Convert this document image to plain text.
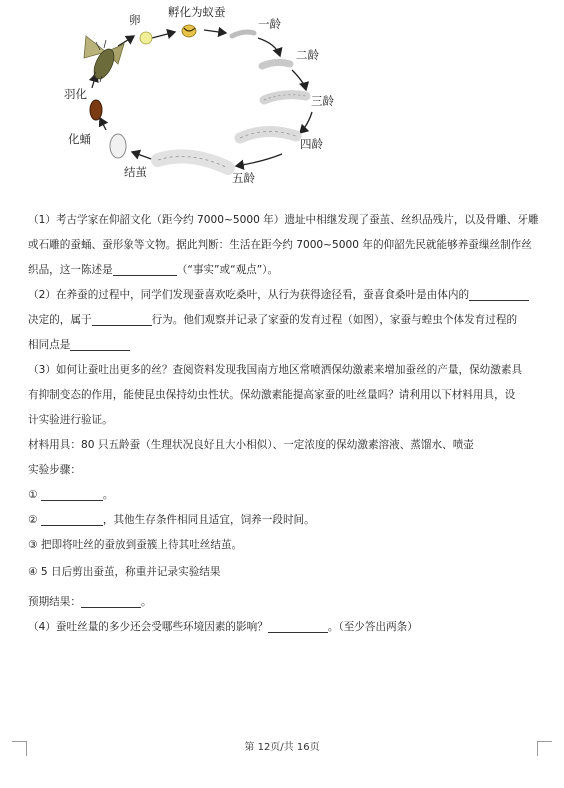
卵
孵化为蚁蚕
一龄
二龄
三龄
四龄
五龄
结茧
化蛹
羽化
（1）考古学家在仰韶文化（距今约 7000~5000 年）遗址中相继发现了蚕茧、丝织品残片，以及骨雕、牙雕
或石雕的蚕蛹、蚕形象等文物。据此判断：生活在距今约 7000~5000 年的仰韶先民就能够养蚕缫丝制作丝
织品，这一陈述是	（“事实”或“观点”）。
（2）在养蚕的过程中，同学们发现蚕喜欢吃桑叶，从行为获得途径看，蚕喜食桑叶是由体内的
决定的，属于	行为。他们观察并记录了家蚕的发育过程（如图），家蚕与蝗虫个体发育过程的
相同点是
（3）如何让蚕吐出更多的丝？查阅资料发现我国南方地区常喷洒保幼激素来增加蚕丝的产量，保幼激素具
有抑制变态的作用，能使昆虫保持幼虫性状。保幼激素能提高家蚕的吐丝量吗？请利用以下材料用具，设
计实验进行验证。
材料用具：80 只五龄蚕（生理状况良好且大小相似）、一定浓度的保幼激素溶液、蒸馏水、喷壶
实验步骤：
①	。
②	，其他生存条件相同且适宜，饲养一段时间。
③ 把即将吐丝的蚕放到蚕簇上待其吐丝结茧。
④ 5 日后剪出蚕茧，称重并记录实验结果
预期结果：	。
（4）蚕吐丝量的多少还会受哪些环境因素的影响？	。（至少答出两条）
第 12页/共 16页
